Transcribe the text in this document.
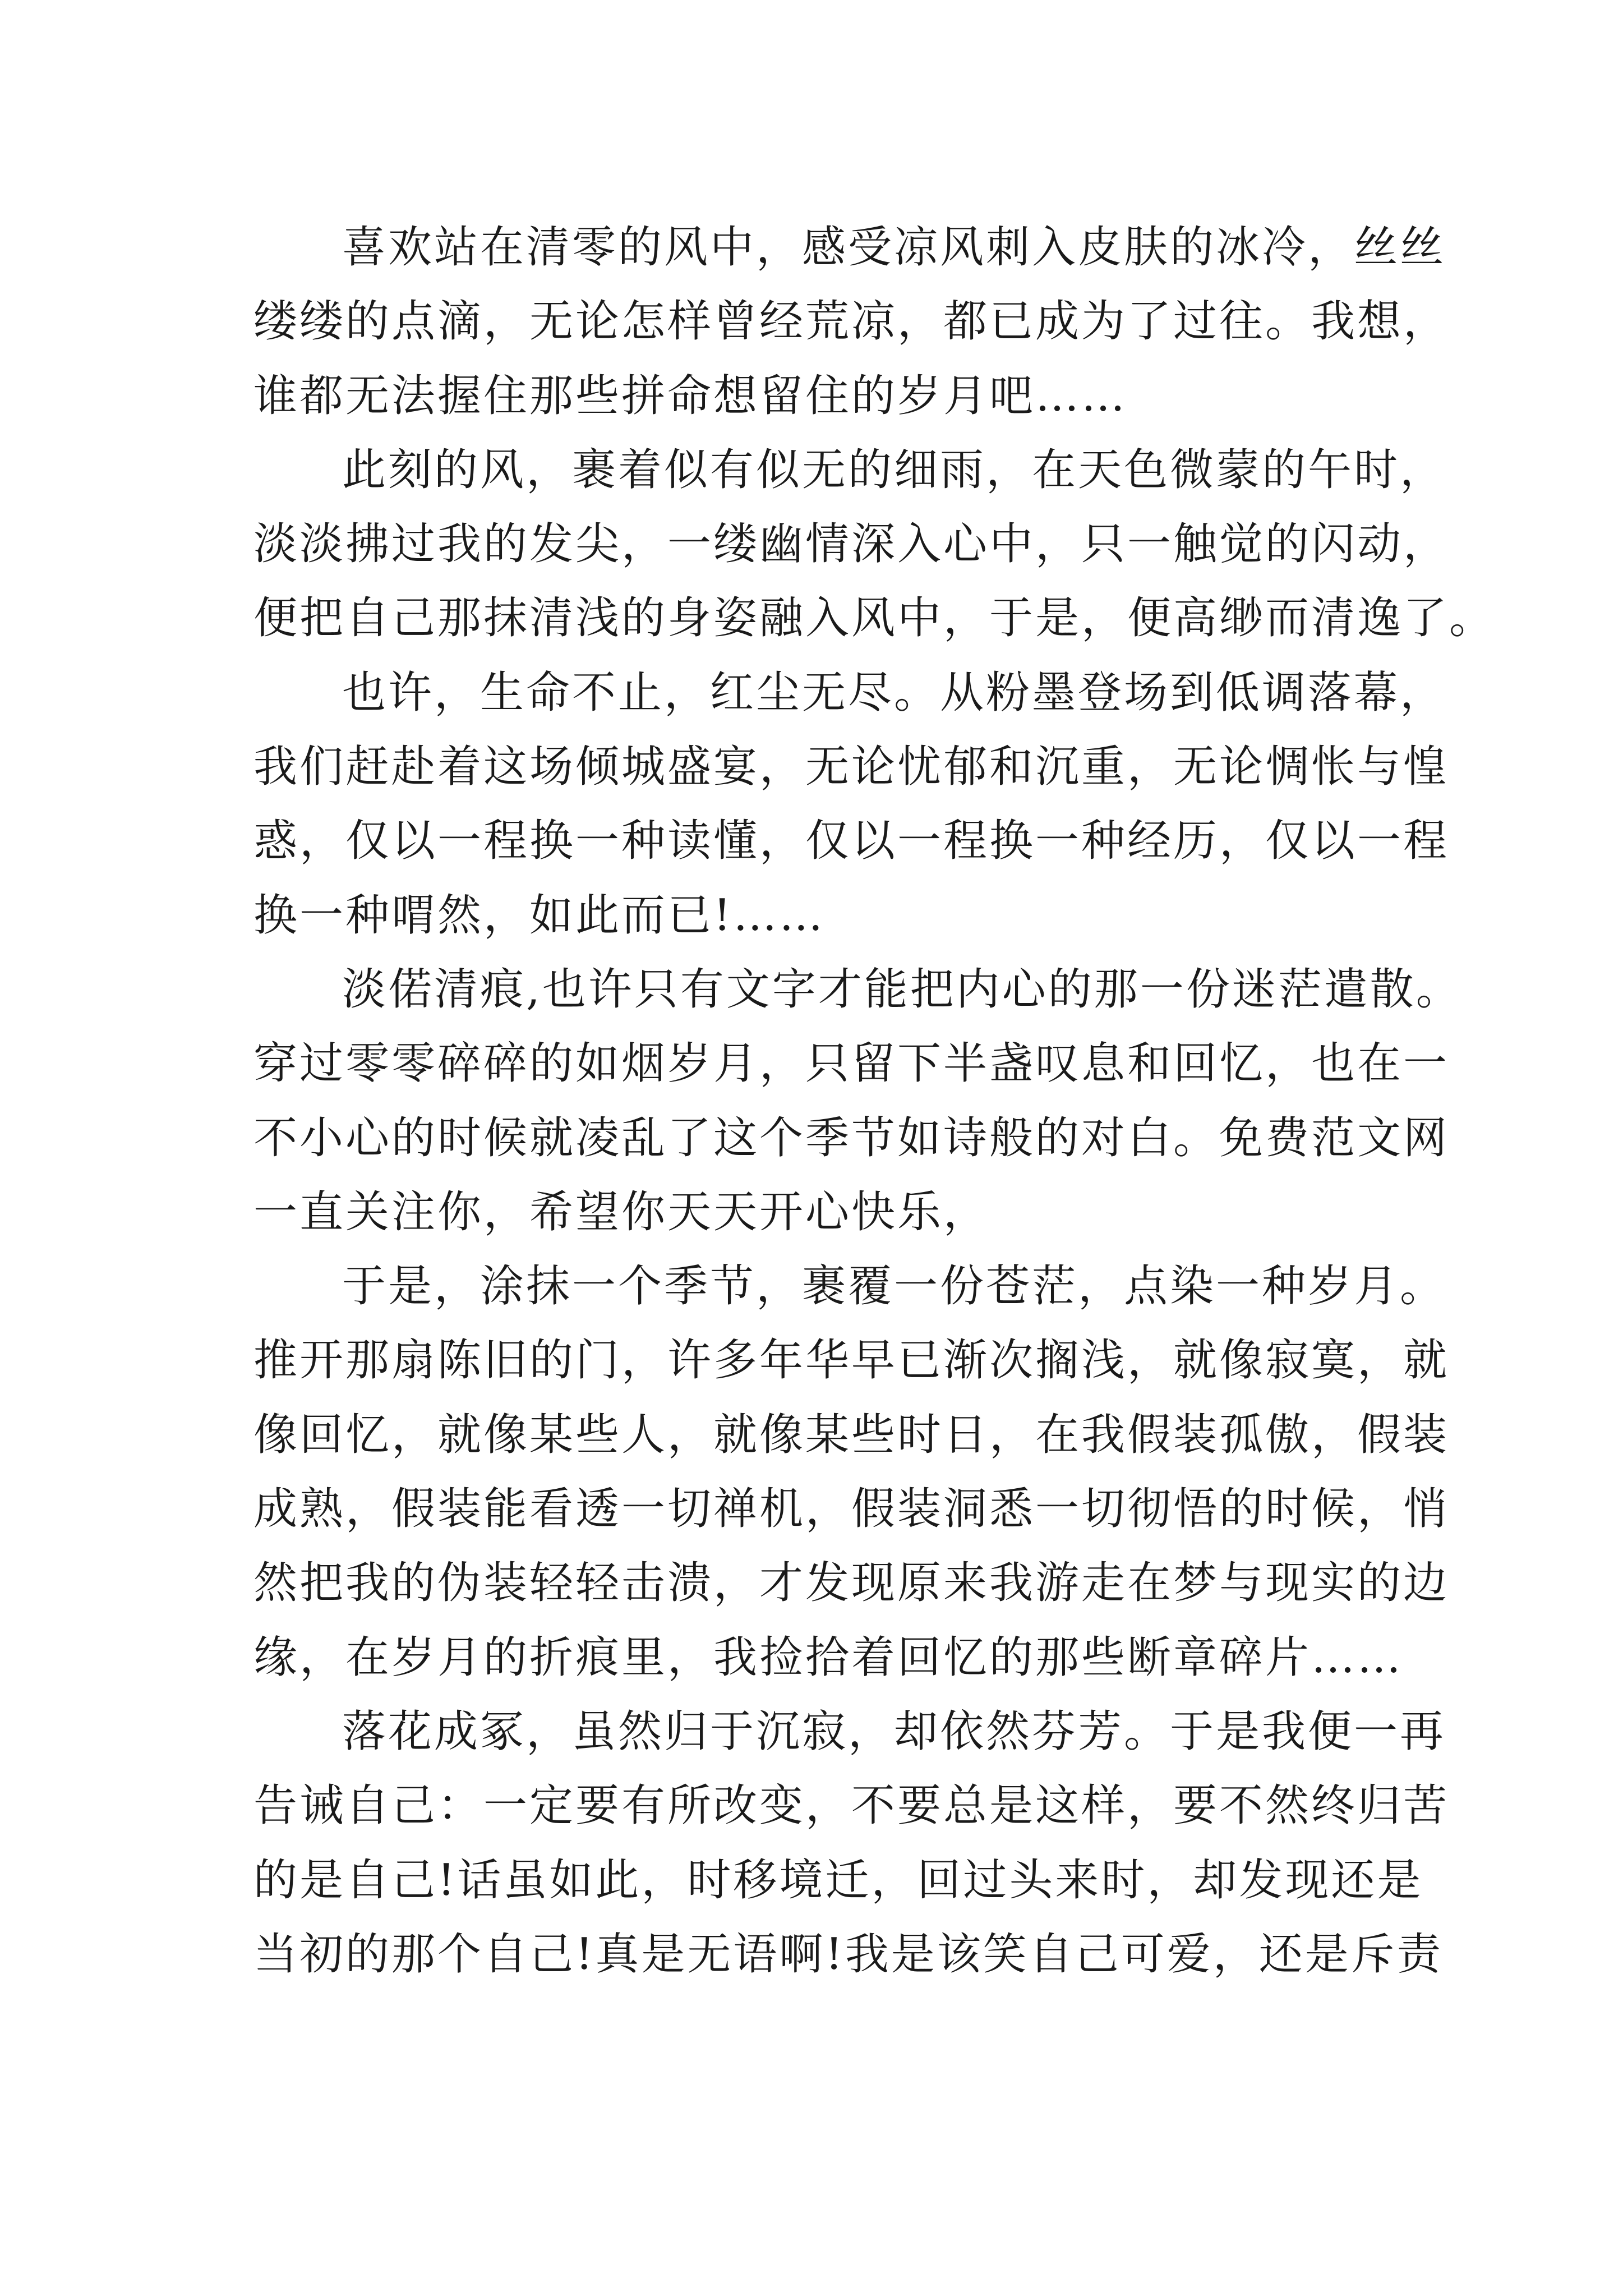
喜欢站在清零的风中，感受凉风刺入皮肤的冰冷，丝丝
缕缕的点滴，无论怎样曾经荒凉，都已成为了过往。我想，
谁都无法握住那些拼命想留住的岁月吧……
此刻的风，裹着似有似无的细雨，在天色微蒙的午时，
淡淡拂过我的发尖，一缕幽情深入心中，只一触觉的闪动，
便把自己那抹清浅的身姿融入风中，于是，便高缈而清逸了。
也许，生命不止，红尘无尽。从粉墨登场到低调落幕，
我们赶赴着这场倾城盛宴，无论忧郁和沉重，无论惆怅与惶
惑，仅以一程换一种读懂，仅以一程换一种经历，仅以一程
换一种喟然，如此而已!……
淡偌清痕,也许只有文字才能把内心的那一份迷茫遣散。
穿过零零碎碎的如烟岁月，只留下半盏叹息和回忆，也在一
不小心的时候就凌乱了这个季节如诗般的对白。免费范文网
一直关注你，希望你天天开心快乐，
于是，涂抹一个季节，裹覆一份苍茫，点染一种岁月。
推开那扇陈旧的门，许多年华早已渐次搁浅，就像寂寞，就
像回忆，就像某些人，就像某些时日，在我假装孤傲，假装
成熟，假装能看透一切禅机，假装洞悉一切彻悟的时候，悄
然把我的伪装轻轻击溃，才发现原来我游走在梦与现实的边
缘，在岁月的折痕里，我捡拾着回忆的那些断章碎片……
落花成冢，虽然归于沉寂，却依然芬芳。于是我便一再
告诫自己：一定要有所改变，不要总是这样，要不然终归苦
的是自己!话虽如此，时移境迁，回过头来时，却发现还是
当初的那个自己!真是无语啊!我是该笑自己可爱，还是斥责
